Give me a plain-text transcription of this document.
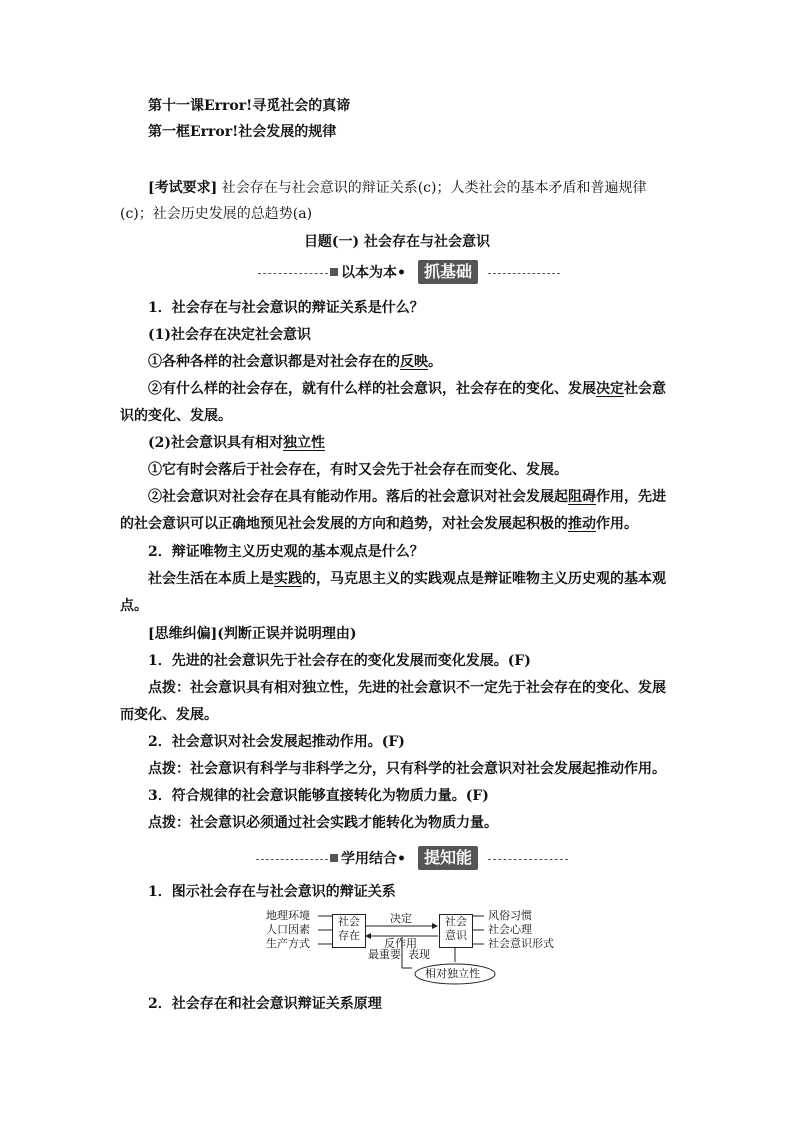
第十一课Error!寻觅社会的真谛
第一框Error!社会发展的规律
[考试要求] 社会存在与社会意识的辩证关系(c)；人类社会的基本矛盾和普遍规律
(c)；社会历史发展的总趋势(a)
目题(一) 社会存在与社会意识
以本为本•	抓基础
1．社会存在与社会意识的辩证关系是什么？
(1)社会存在决定社会意识
①各种各样的社会意识都是对社会存在的反映。
②有什么样的社会存在，就有什么样的社会意识，社会存在的变化、发展决定社会意
识的变化、发展。
(2)社会意识具有相对独立性
①它有时会落后于社会存在，有时又会先于社会存在而变化、发展。
②社会意识对社会存在具有能动作用。落后的社会意识对社会发展起阻碍作用，先进
的社会意识可以正确地预见社会发展的方向和趋势，对社会发展起积极的推动作用。
2．辩证唯物主义历史观的基本观点是什么？
社会生活在本质上是实践的，马克思主义的实践观点是辩证唯物主义历史观的基本观
点。
[思维纠偏](判断正误并说明理由)
1．先进的社会意识先于社会存在的变化发展而变化发展。(F)
点拨：社会意识具有相对独立性，先进的社会意识不一定先于社会存在的变化、发展
而变化、发展。
2．社会意识对社会发展起推动作用。(F)
点拨：社会意识有科学与非科学之分，只有科学的社会意识对社会发展起推动作用。
3．符合规律的社会意识能够直接转化为物质力量。(F)
点拨：社会意识必须通过社会实践才能转化为物质力量。
学用结合•	提知能
1．图示社会存在与社会意识的辩证关系
地理环境
人口因素
生产方式
社会
存在
决定
反作用
社会
意识
风俗习惯
社会心理
社会意识形式
最重要 表现
相对独立性
2．社会存在和社会意识辩证关系原理
